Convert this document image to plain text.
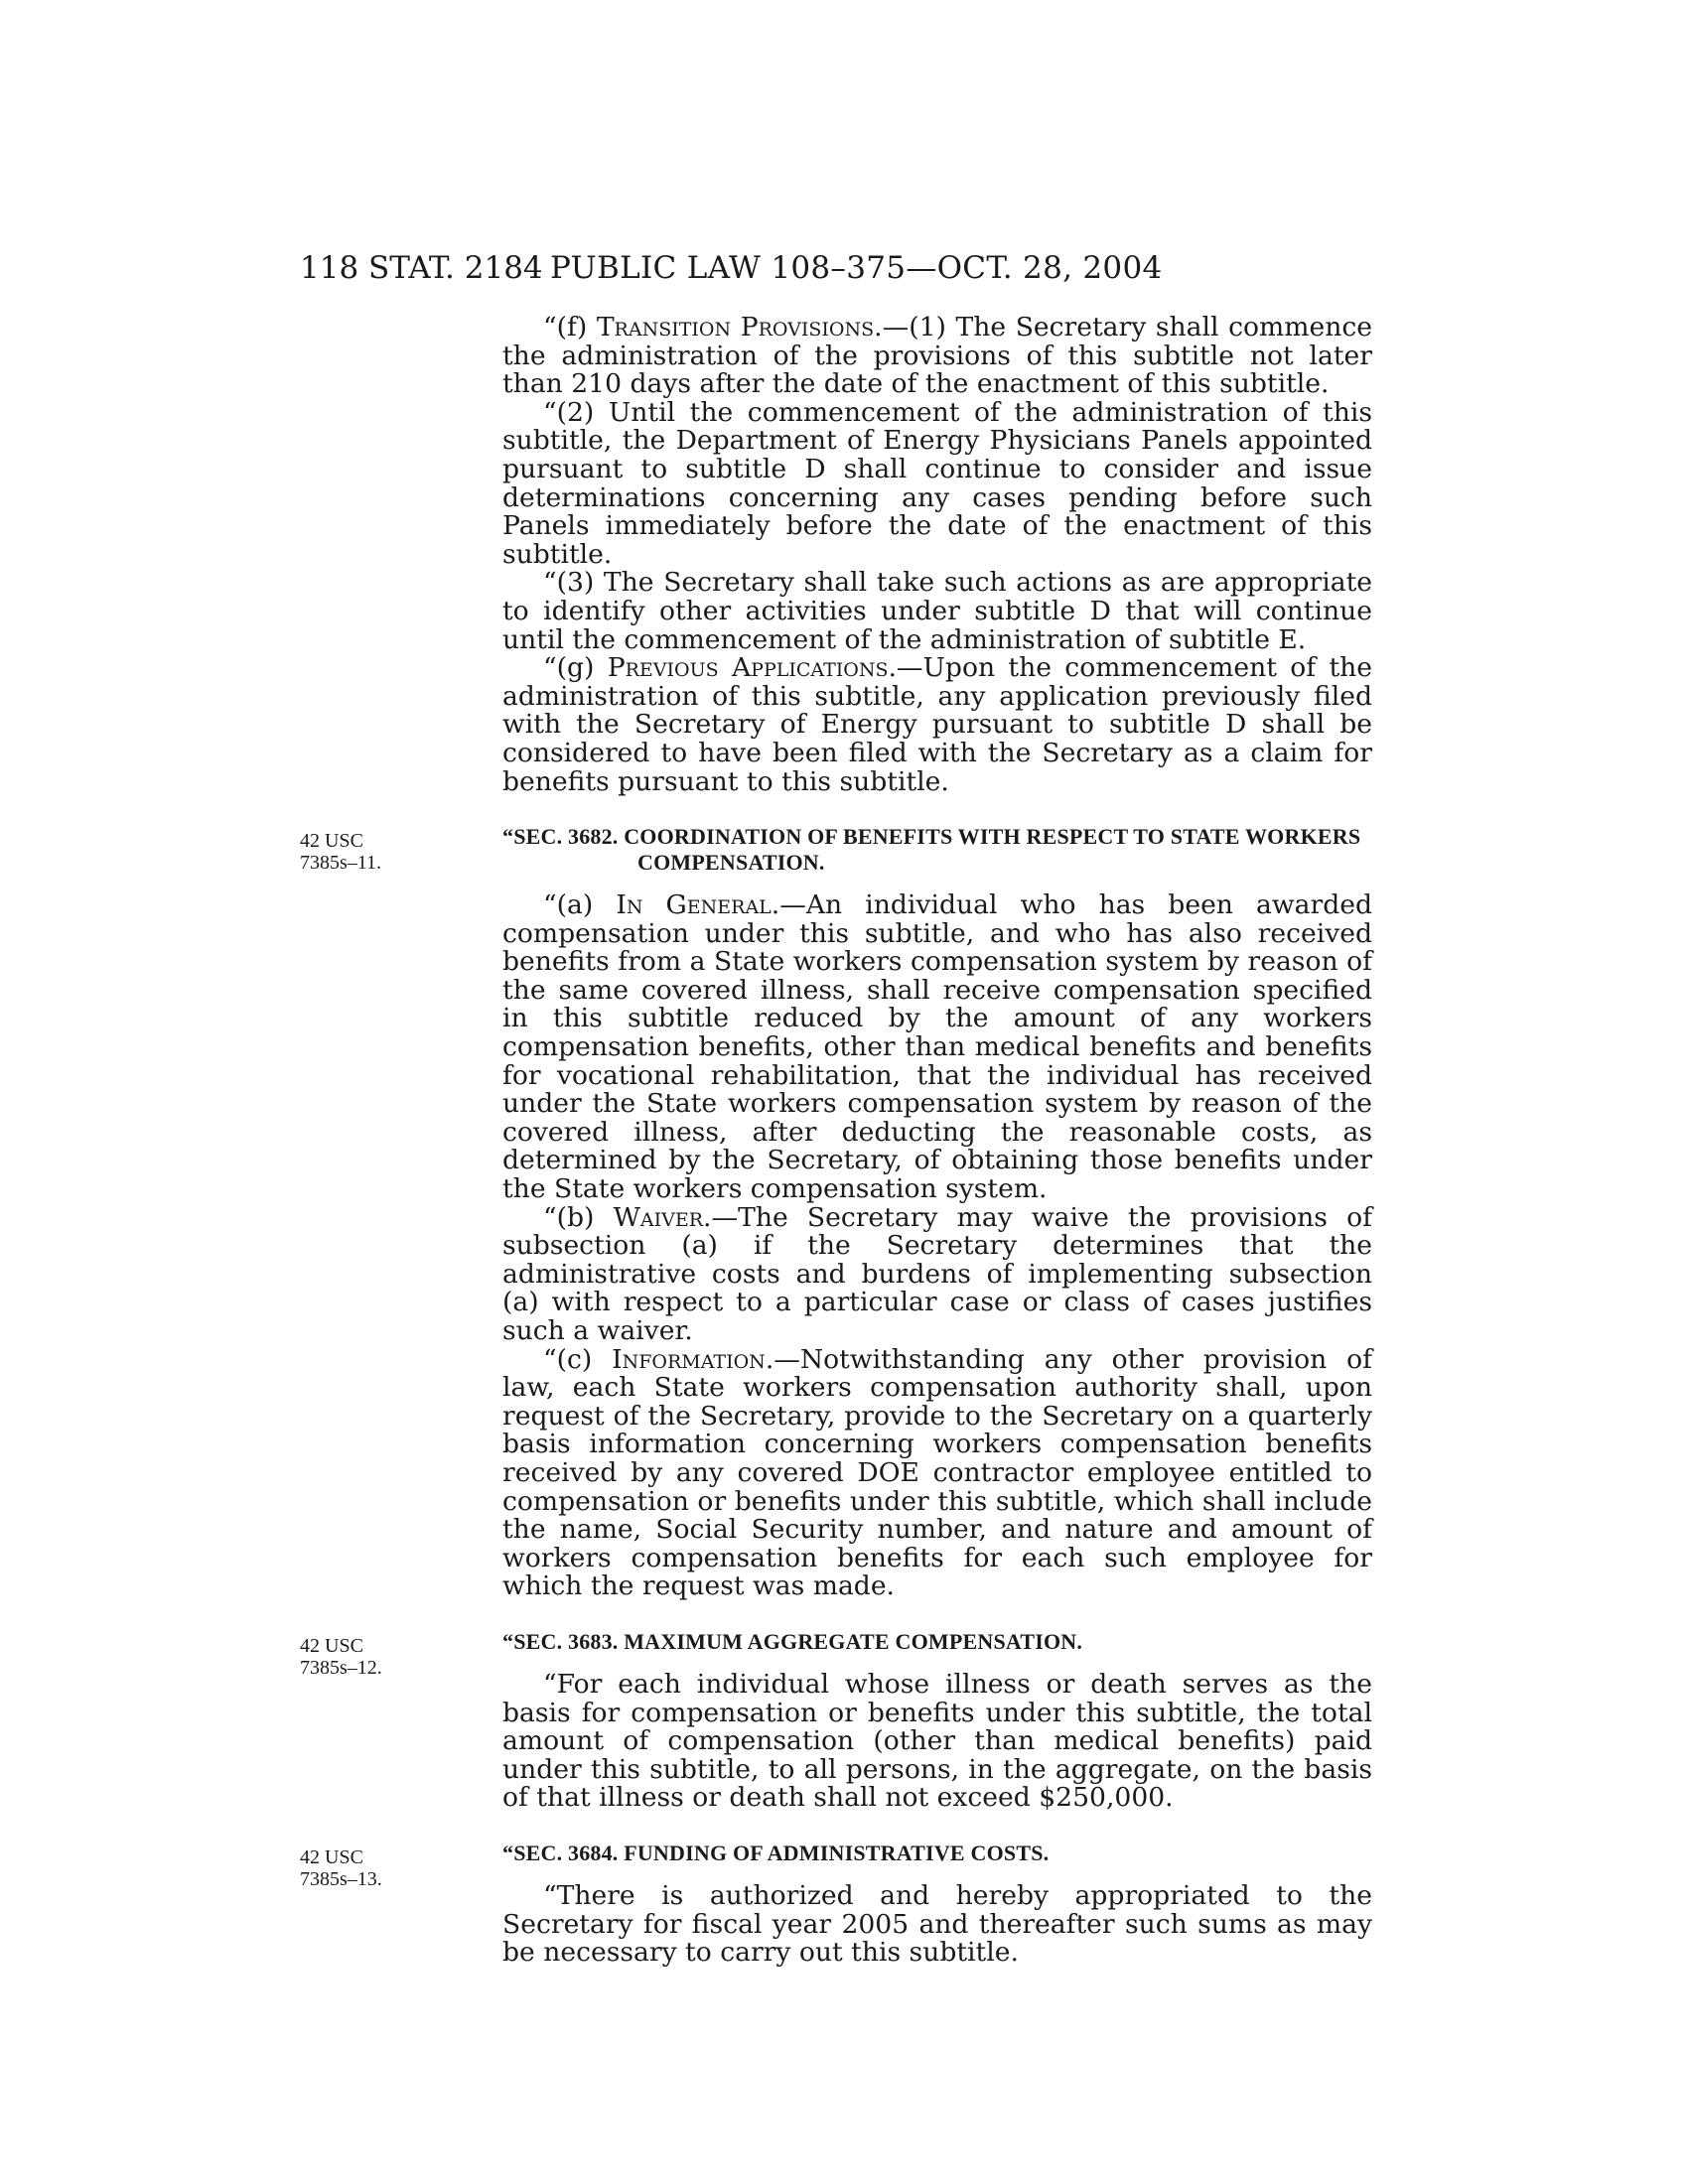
118 STAT. 2184 PUBLIC LAW 108–375—OCT. 28, 2004

“(f) Transition Provisions.—(1) The Secretary shall commence the administration of the provisions of this subtitle not later than 210 days after the date of the enactment of this subtitle.

“(2) Until the commencement of the administration of this subtitle, the Department of Energy Physicians Panels appointed pursuant to subtitle D shall continue to consider and issue determinations concerning any cases pending before such Panels immediately before the date of the enactment of this subtitle.

“(3) The Secretary shall take such actions as are appropriate to identify other activities under subtitle D that will continue until the commencement of the administration of subtitle E.

“(g) Previous Applications.—Upon the commencement of the administration of this subtitle, any application previously filed with the Secretary of Energy pursuant to subtitle D shall be considered to have been filed with the Secretary as a claim for benefits pursuant to this subtitle.

42 USC
7385s–11.

“SEC. 3682. COORDINATION OF BENEFITS WITH RESPECT TO STATE WORKERS COMPENSATION.

“(a) In General.—An individual who has been awarded compensation under this subtitle, and who has also received benefits from a State workers compensation system by reason of the same covered illness, shall receive compensation specified in this subtitle reduced by the amount of any workers compensation benefits, other than medical benefits and benefits for vocational rehabilitation, that the individual has received under the State workers compensation system by reason of the covered illness, after deducting the reasonable costs, as determined by the Secretary, of obtaining those benefits under the State workers compensation system.

“(b) Waiver.—The Secretary may waive the provisions of subsection (a) if the Secretary determines that the administrative costs and burdens of implementing subsection (a) with respect to a particular case or class of cases justifies such a waiver.

“(c) Information.—Notwithstanding any other provision of law, each State workers compensation authority shall, upon request of the Secretary, provide to the Secretary on a quarterly basis information concerning workers compensation benefits received by any covered DOE contractor employee entitled to compensation or benefits under this subtitle, which shall include the name, Social Security number, and nature and amount of workers compensation benefits for each such employee for which the request was made.

42 USC
7385s–12.

“SEC. 3683. MAXIMUM AGGREGATE COMPENSATION.

“For each individual whose illness or death serves as the basis for compensation or benefits under this subtitle, the total amount of compensation (other than medical benefits) paid under this subtitle, to all persons, in the aggregate, on the basis of that illness or death shall not exceed $250,000.

42 USC
7385s–13.

“SEC. 3684. FUNDING OF ADMINISTRATIVE COSTS.

“There is authorized and hereby appropriated to the Secretary for fiscal year 2005 and thereafter such sums as may be necessary to carry out this subtitle.
